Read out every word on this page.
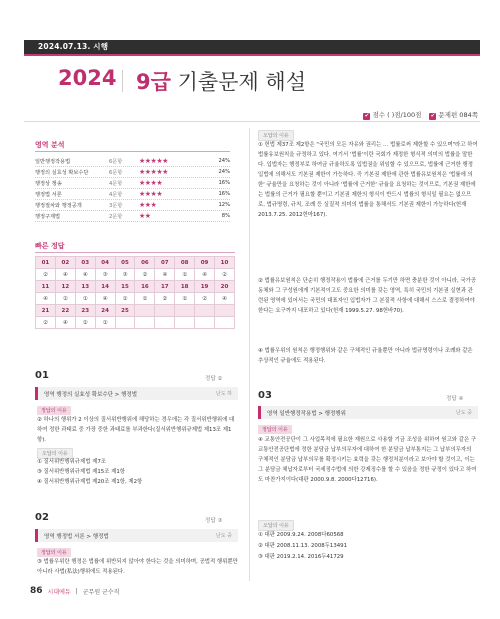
2024.07.13. 시행
2024 9급 기출문제 해설
✔ 점수 ( )점/100점 ✔ 문제편 084쪽
영역 분석
일반행정작용법	6문항	★★★★★	24%
행정의 실효성 확보수단	6문항	★★★★★	24%
행정상 쟁송	4문항	★★★★	16%
행정법 서론	4문항	★★★★	16%
행정절차와 행정공개	3문항	★★★	12%
행정구제법	2문항	★★	8%
빠른 정답
01	02	03	04	05	06	07	08	09	10
②	④	④	③	③	②	④	①	④	②
11	12	13	14	15	16	17	18	19	20
④	②	①	④	①	①	②	①	②	④
21	22	23	24	25					
②	④	②	①						
01	정답 ②
영역 행정의 실효성 확보수단 > 행정벌	난도 하
정답의 이유
② 하나의 행위가 2 이상의 질서위반행위에 해당하는 경우에는 각 질서위반행위에 대하여 정한 과태료 중 가장 중한 과태료를 부과한다(질서위반행위규제법 제13조 제1항).
오답의 이유
① 질서위반행위규제법 제7조
③ 질서위반행위규제법 제15조 제1항
④ 질서위반행위규제법 제20조 제1항, 제2항
02	정답 ③
영역 행정법 서론 > 행정법	난도 중
정답의 이유
③ 법률우위란 행정은 법률에 위반되지 않아야 한다는 것을 의미하며, 공법적 행위뿐만 아니라 사법(私法)행위에도 적용된다.
오답의 이유
① 헌법 제37조 제2항은 "국민의 모든 자유와 권리는 … 법률로써 제한할 수 있으며"라고 하여 법률유보원칙을 규정하고 있다. 여기서 '법률'이란 국회가 제정한 형식적 의미의 법률을 말한다. 입법자는 행정부로 하여금 규율하도록 입법권을 위임할 수 있으므로, 법률에 근거한 행정입법에 의해서도 기본권 제한이 가능하다. 즉 기본권 제한에 관한 법률유보원칙은 '법률에 의한' 규율만을 요청하는 것이 아니라 '법률에 근거한' 규율을 요청하는 것이므로, 기본권 제한에는 법률의 근거가 필요할 뿐이고 기본권 제한의 형식이 반드시 법률의 형식일 필요는 없으므로, 법규명령, 규칙, 조례 등 실질적 의미의 법률을 통해서도 기본권 제한이 가능하다(헌재 2013.7.25. 2012헌마167).
② 법률유보원칙은 단순히 행정작용이 법률에 근거를 두기만 하면 충분한 것이 아니라, 국가공동체와 그 구성원에게 기본적이고도 중요한 의미를 갖는 영역, 특히 국민의 기본권 실현과 관련된 영역에 있어서는 국민의 대표자인 입법자가 그 본질적 사항에 대해서 스스로 결정하여야 한다는 요구까지 내포하고 있다(헌재 1999.5.27. 98헌바70).
④ 법률우위의 원칙은 행정행위와 같은 구체적인 규율뿐만 아니라 법규명령이나 조례와 같은 추상적인 규율에도 적용된다.
03	정답 ④
영역 일반행정작용법 > 행정행위	난도 중
정답의 이유
④ 교통안전공단이 그 사업목적에 필요한 재원으로 사용할 기금 조성을 위하여 원고와 같은 구 교통안전공단법에 정한 분담금 납부의무자에 대하여 한 분담금 납부통지는 그 납부의무자의 구체적인 분담금 납부의무를 확정시키는 효력을 갖는 행정처분이라고 보아야 할 것이고, 이는 그 분담금 체납자로부터 국세징수법에 의한 강제징수를 할 수 있음을 정한 규정이 있다고 하여도 마찬가지이다(대판 2000.9.8. 2000다12716).
오답의 이유
① 대판 2009.9.24. 2008다60568
② 대판 2008.11.13. 2008두13491
③ 대판 2019.2.14. 2016두41729
86 시대에듀 | 군무원 군수직
